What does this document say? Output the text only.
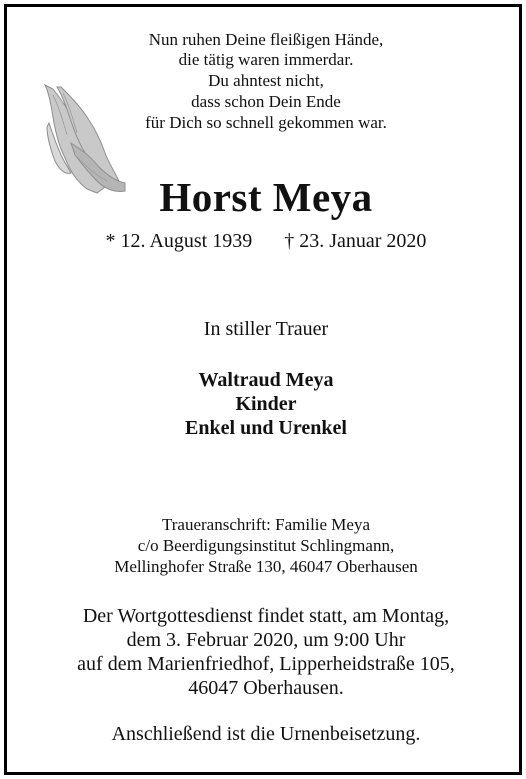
Nun ruhen Deine fleißigen Hände,
die tätig waren immerdar.
Du ahntest nicht,
dass schon Dein Ende
für Dich so schnell gekommen war.
Horst Meya
* 12. August 1939 † 23. Januar 2020
In stiller Trauer
Waltraud Meya
Kinder
Enkel und Urenkel
Traueranschrift: Familie Meya
c/o Beerdigungsinstitut Schlingmann,
Mellinghofer Straße 130, 46047 Oberhausen
Der Wortgottesdienst findet statt, am Montag,
dem 3. Februar 2020, um 9:00 Uhr
auf dem Marienfriedhof, Lipperheidstraße 105,
46047 Oberhausen.
Anschließend ist die Urnenbeisetzung.
